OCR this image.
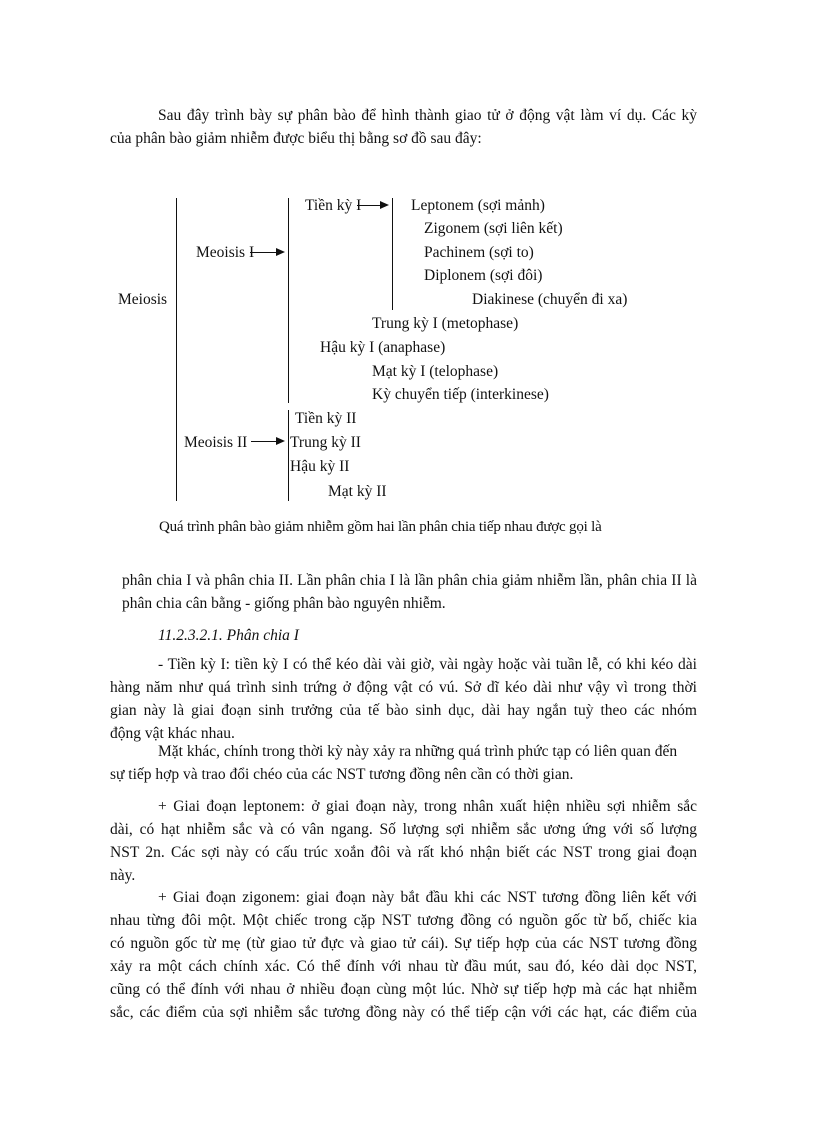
Sau đây trình bày sự phân bào để hình thành giao tử ở động vật làm ví dụ. Các kỳ
của phân bào giảm nhiễm được biểu thị bằng sơ đồ sau đây:
Meiosis
Meoisis I
Tiền kỳ I	Leptonem (sợi mảnh)
Zigonem (sợi liên kết)
Pachinem (sợi to)
Diplonem (sợi đôi)
Diakinese (chuyển đi xa)
Trung kỳ I (metophase)
Hậu kỳ I (anaphase)
Mạt kỳ I (telophase)
Kỳ chuyển tiếp (interkinese)
Meoisis II
Tiền kỳ II
Trung kỳ II
Hậu kỳ II
Mạt kỳ II
Quá trình phân bào giảm nhiễm gồm hai lần phân chia tiếp nhau được gọi là
phân chia I và phân chia II. Lần phân chia I là lần phân chia giảm nhiễm lần, phân chia II là
phân chia cân bằng - giống phân bào nguyên nhiễm.
11.2.3.2.1. Phân chia I
- Tiền kỳ I: tiền kỳ I có thể kéo dài vài giờ, vài ngày hoặc vài tuần lễ, có khi kéo dài
hàng năm như quá trình sinh trứng ở động vật có vú. Sở dĩ kéo dài như vậy vì trong thời
gian này là giai đoạn sinh trưởng của tế bào sinh dục, dài hay ngắn tuỳ theo các nhóm
động vật khác nhau.
Mặt khác, chính trong thời kỳ này xảy ra những quá trình phức tạp có liên quan đến
sự tiếp hợp và trao đổi chéo của các NST tương đồng nên cần có thời gian.
+ Giai đoạn leptonem: ở giai đoạn này, trong nhân xuất hiện nhiều sợi nhiễm sắc
dài, có hạt nhiễm sắc và có vân ngang. Số lượng sợi nhiễm sắc ương ứng với số lượng
NST 2n. Các sợi này có cấu trúc xoắn đôi và rất khó nhận biết các NST trong giai đoạn
này.
+ Giai đoạn zigonem: giai đoạn này bắt đầu khi các NST tương đồng liên kết với
nhau từng đôi một. Một chiếc trong cặp NST tương đồng có nguồn gốc từ bố, chiếc kia
có nguồn gốc từ mẹ (từ giao tử đực và giao tử cái). Sự tiếp hợp của các NST tương đồng
xảy ra một cách chính xác. Có thể đính với nhau từ đầu mút, sau đó, kéo dài dọc NST,
cũng có thể đính với nhau ở nhiều đoạn cùng một lúc. Nhờ sự tiếp hợp mà các hạt nhiễm
sắc, các điểm của sợi nhiễm sắc tương đồng này có thể tiếp cận với các hạt, các điểm của
